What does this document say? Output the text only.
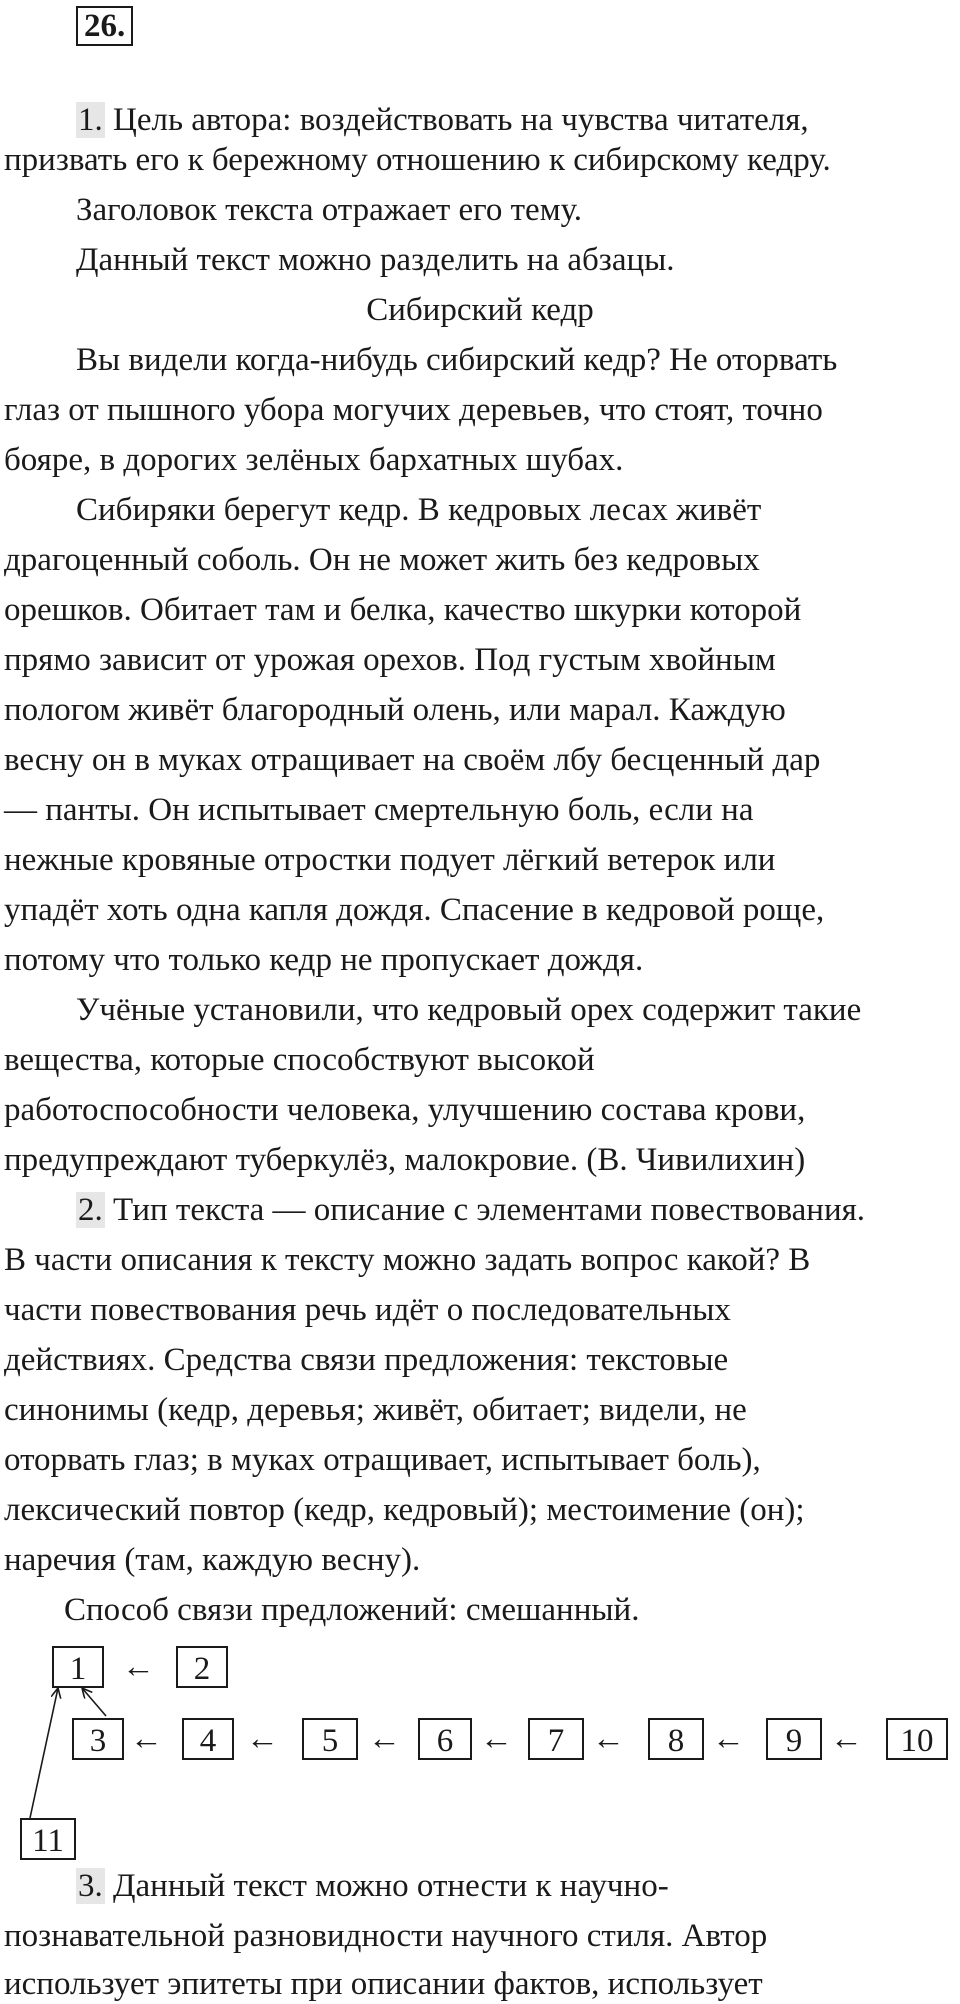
26.
1. Цель автора: воздействовать на чувства читателя,
призвать его к бережному отношению к сибирскому кедру.
Заголовок текста отражает его тему.
Данный текст можно разделить на абзацы.
Сибирский кедр
Вы видели когда-нибудь сибирский кедр? Не оторвать
глаз от пышного убора могучих деревьев, что стоят, точно
бояре, в дорогих зелёных бархатных шубах.
Сибиряки берегут кедр. В кедровых лесах живёт
драгоценный соболь. Он не может жить без кедровых
орешков. Обитает там и белка, качество шкурки которой
прямо зависит от урожая орехов. Под густым хвойным
пологом живёт благородный олень, или марал. Каждую
весну он в муках отращивает на своём лбу бесценный дар
— панты. Он испытывает смертельную боль, если на
нежные кровяные отростки подует лёгкий ветерок или
упадёт хоть одна капля дождя. Спасение в кедровой роще,
потому что только кедр не пропускает дождя.
Учёные установили, что кедровый орех содержит такие
вещества, которые способствуют высокой
работоспособности человека, улучшению состава крови,
предупреждают туберкулёз, малокровие. (В. Чивилихин)
2. Тип текста — описание с элементами повествования.
В части описания к тексту можно задать вопрос какой? В
части повествования речь идёт о последовательных
действиях. Средства связи предложения: текстовые
синонимы (кедр, деревья; живёт, обитает; видели, не
оторвать глаз; в муках отращивает, испытывает боль),
лексический повтор (кедр, кедровый); местоимение (он);
наречия (там, каждую весну).
Способ связи предложений: смешанный.
1	←	2
3 ←	4 ←	5 ←	6 ←	7 ←	8 ←	9 ←	10
11
3. Данный текст можно отнести к научно-
познавательной разновидности научного стиля. Автор
использует эпитеты при описании фактов, использует
